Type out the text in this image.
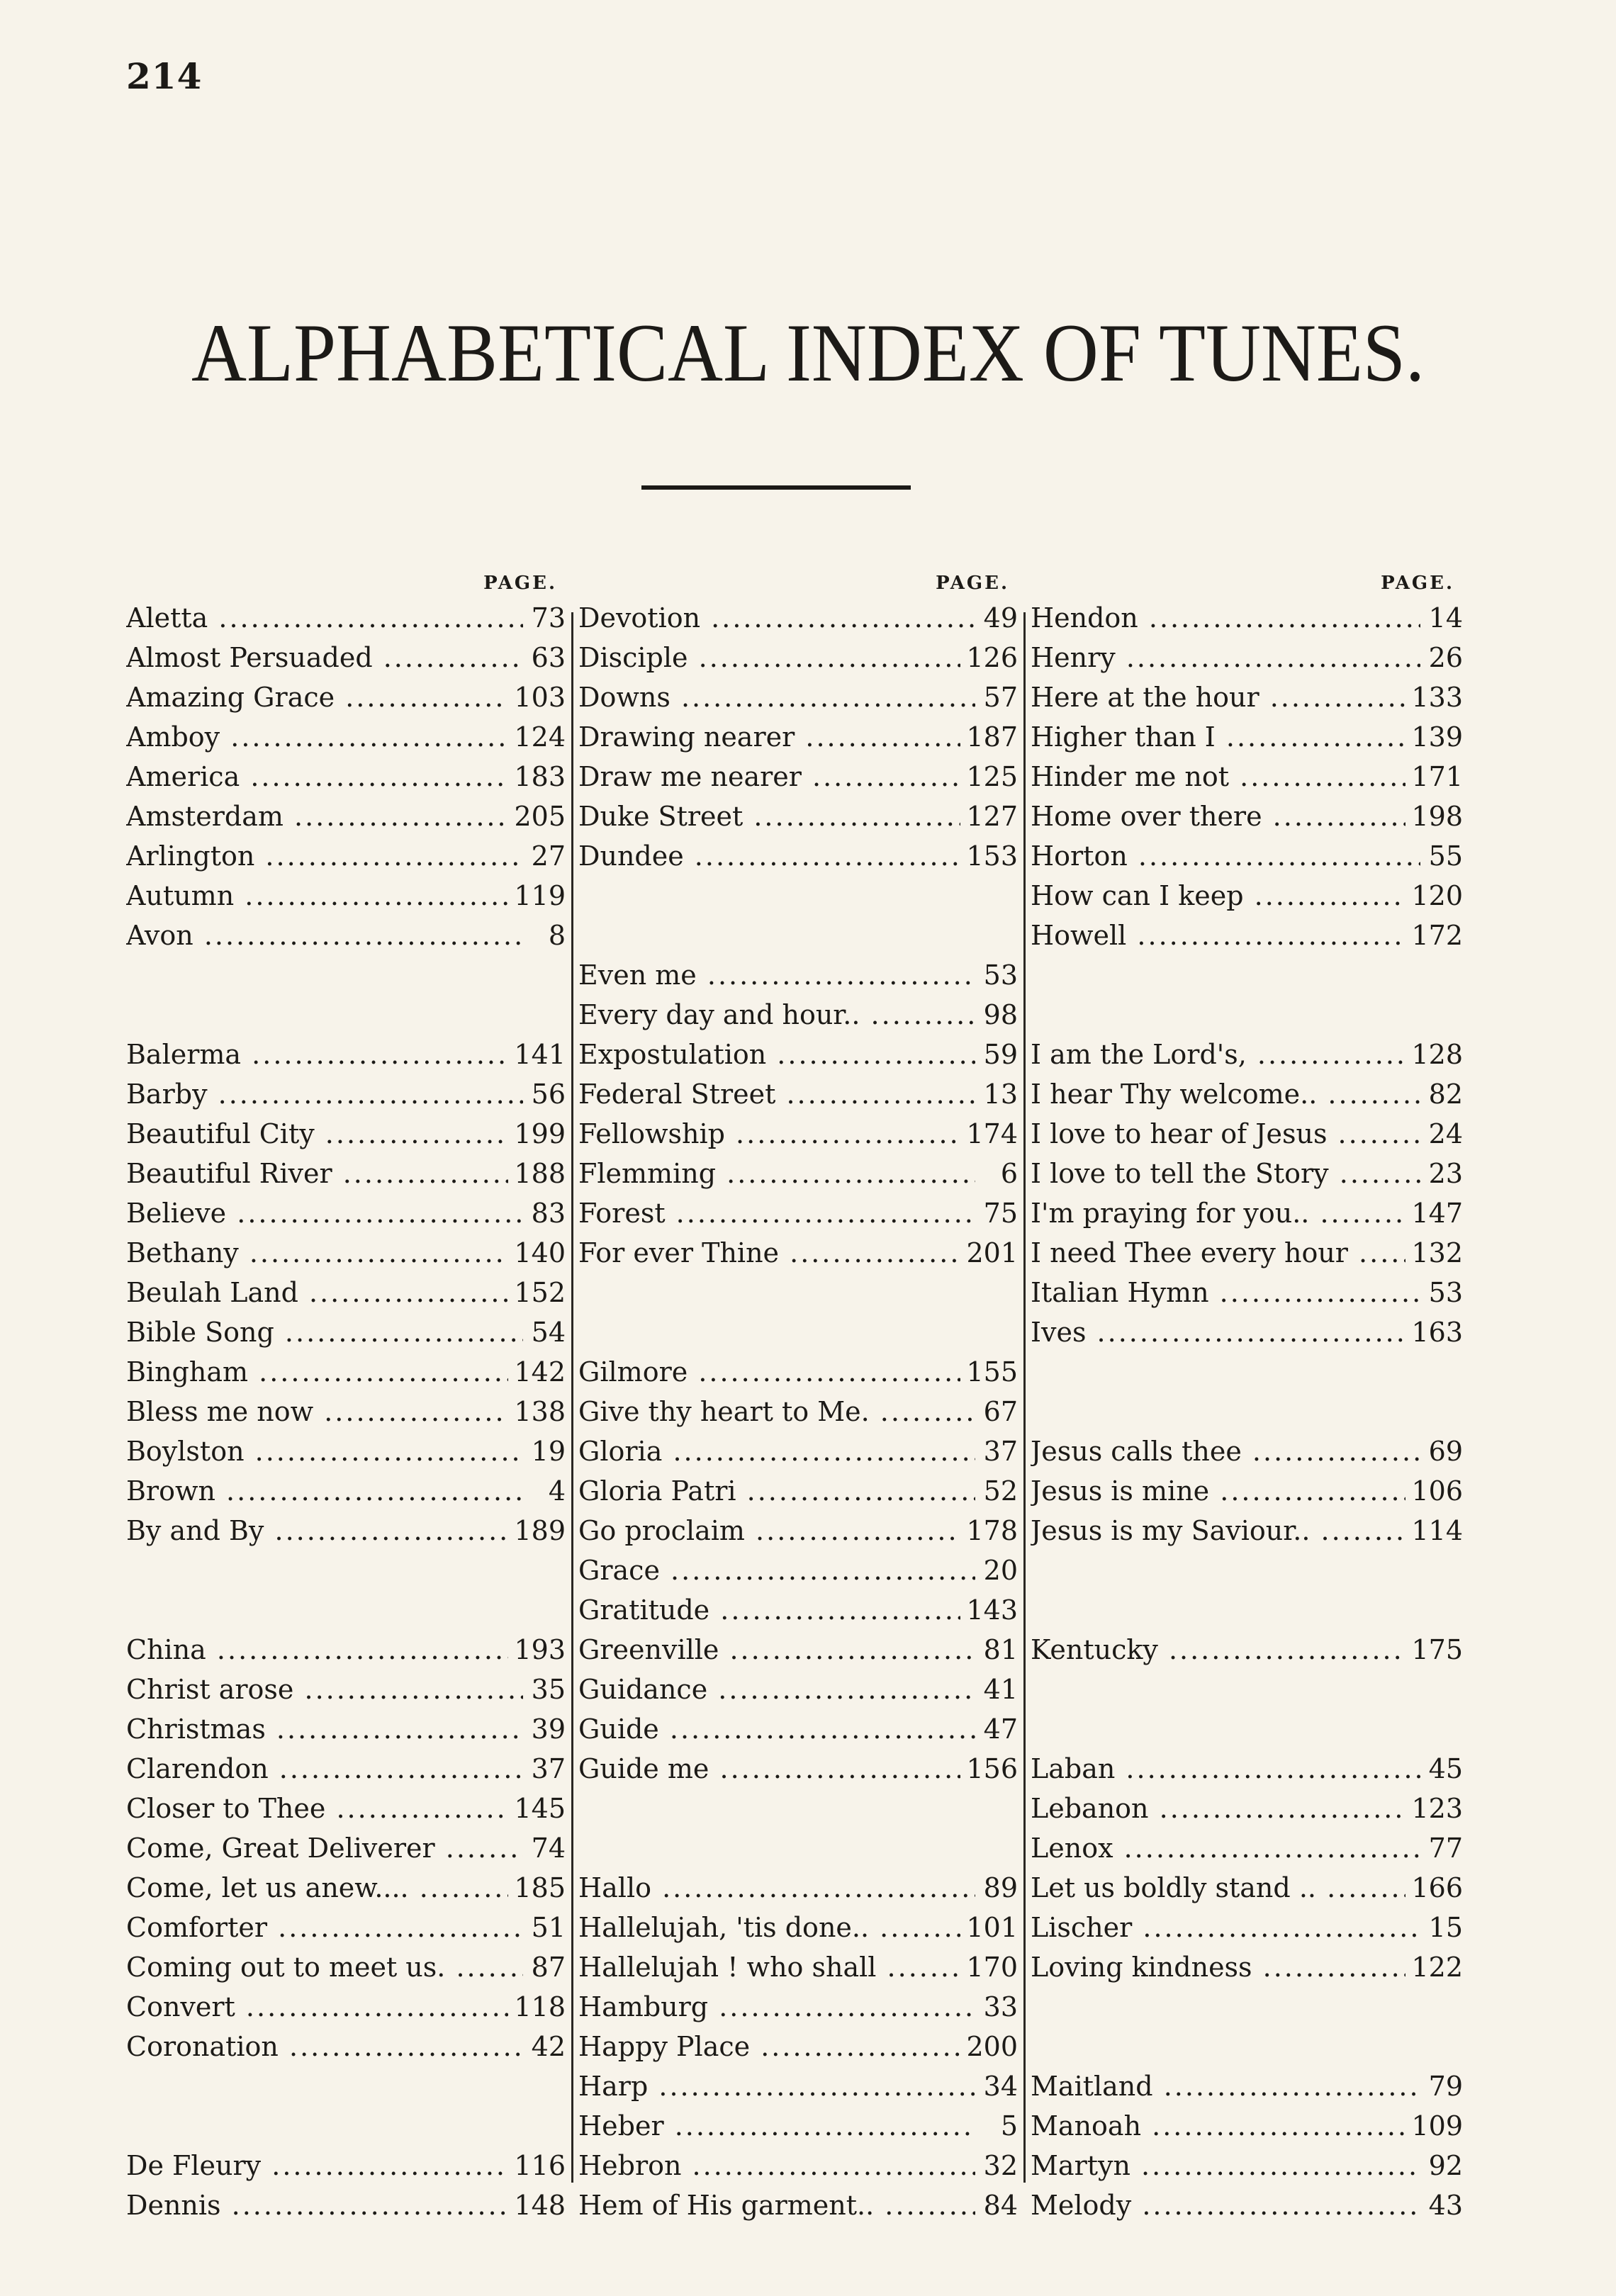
214
ALPHABETICAL INDEX OF TUNES.
PAGE.
Aletta .....	73
Almost Persuaded .....	63
Amazing Grace .....	103
Amboy .....	124
America .....	183
Amsterdam .....	205
Arlington .....	27
Autumn .....	119
Avon .....	8
Balerma .....	141
Barby .....	56
Beautiful City .....	199
Beautiful River .....	188
Believe .....	83
Bethany .....	140
Beulah Land .....	152
Bible Song .....	54
Bingham .....	142
Bless me now .....	138
Boylston .....	19
Brown .....	4
By and By .....	189
China .....	193
Christ arose .....	35
Christmas .....	39
Clarendon .....	37
Closer to Thee .....	145
Come, Great Deliverer .....	74
Come, let us anew.... .....	185
Comforter .....	51
Coming out to meet us. .....	87
Convert .....	118
Coronation .....	42
De Fleury .....	116
Dennis .....	148
PAGE.
Devotion .....	49
Disciple .....	126
Downs .....	57
Drawing nearer .....	187
Draw me nearer .....	125
Duke Street .....	127
Dundee .....	153
Even me .....	53
Every day and hour.. .....	98
Expostulation .....	59
Federal Street .....	13
Fellowship .....	174
Flemming .....	6
Forest .....	75
For ever Thine .....	201
Gilmore .....	155
Give thy heart to Me. .....	67
Gloria .....	37
Gloria Patri .....	52
Go proclaim .....	178
Grace .....	20
Gratitude .....	143
Greenville .....	81
Guidance .....	41
Guide .....	47
Guide me .....	156
Hallo .....	89
Hallelujah, 'tis done.. .....	101
Hallelujah ! who shall .....	170
Hamburg .....	33
Happy Place .....	200
Harp .....	34
Heber .....	5
Hebron .....	32
Hem of His garment.. .....	84
PAGE.
Hendon .....	14
Henry .....	26
Here at the hour .....	133
Higher than I .....	139
Hinder me not .....	171
Home over there .....	198
Horton .....	55
How can I keep .....	120
Howell .....	172
I am the Lord's, .....	128
I hear Thy welcome.. .....	82
I love to hear of Jesus .....	24
I love to tell the Story .....	23
I'm praying for you.. .....	147
I need Thee every hour .....	132
Italian Hymn .....	53
Ives .....	163
Jesus calls thee .....	69
Jesus is mine .....	106
Jesus is my Saviour.. .....	114
Kentucky .....	175
Laban .....	45
Lebanon .....	123
Lenox .....	77
Let us boldly stand .. .....	166
Lischer .....	15
Loving kindness .....	122
Maitland .....	79
Manoah .....	109
Martyn .....	92
Melody .....	43
